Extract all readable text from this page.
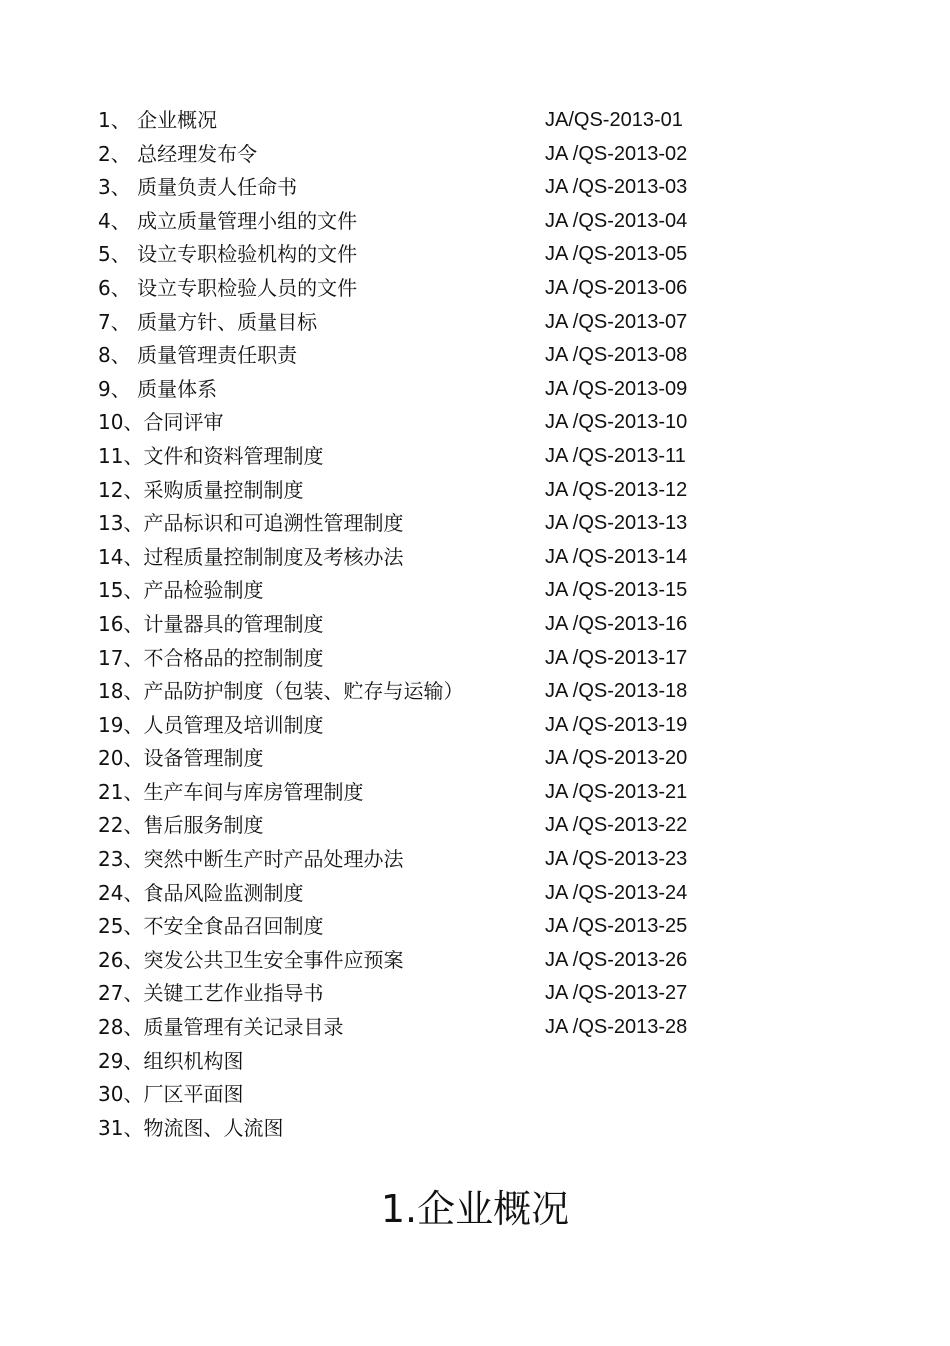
1、 企业概况	JA/QS-2013-01
2、 总经理发布令	JA /QS-2013-02
3、 质量负责人任命书	JA /QS-2013-03
4、 成立质量管理小组的文件	JA /QS-2013-04
5、 设立专职检验机构的文件	JA /QS-2013-05
6、 设立专职检验人员的文件	JA /QS-2013-06
7、 质量方针、质量目标	JA /QS-2013-07
8、 质量管理责任职责	JA /QS-2013-08
9、 质量体系	JA /QS-2013-09
10、合同评审	JA /QS-2013-10
11、文件和资料管理制度	JA /QS-2013-11
12、采购质量控制制度	JA /QS-2013-12
13、产品标识和可追溯性管理制度	JA /QS-2013-13
14、过程质量控制制度及考核办法	JA /QS-2013-14
15、产品检验制度	JA /QS-2013-15
16、计量器具的管理制度	JA /QS-2013-16
17、不合格品的控制制度	JA /QS-2013-17
18、产品防护制度（包装、贮存与运输）	JA /QS-2013-18
19、人员管理及培训制度	JA /QS-2013-19
20、设备管理制度	JA /QS-2013-20
21、生产车间与库房管理制度	JA /QS-2013-21
22、售后服务制度	JA /QS-2013-22
23、突然中断生产时产品处理办法	JA /QS-2013-23
24、食品风险监测制度	JA /QS-2013-24
25、不安全食品召回制度	JA /QS-2013-25
26、突发公共卫生安全事件应预案	JA /QS-2013-26
27、关键工艺作业指导书	JA /QS-2013-27
28、质量管理有关记录目录	JA /QS-2013-28
29、组织机构图
30、厂区平面图
31、物流图、人流图
1.企业概况
